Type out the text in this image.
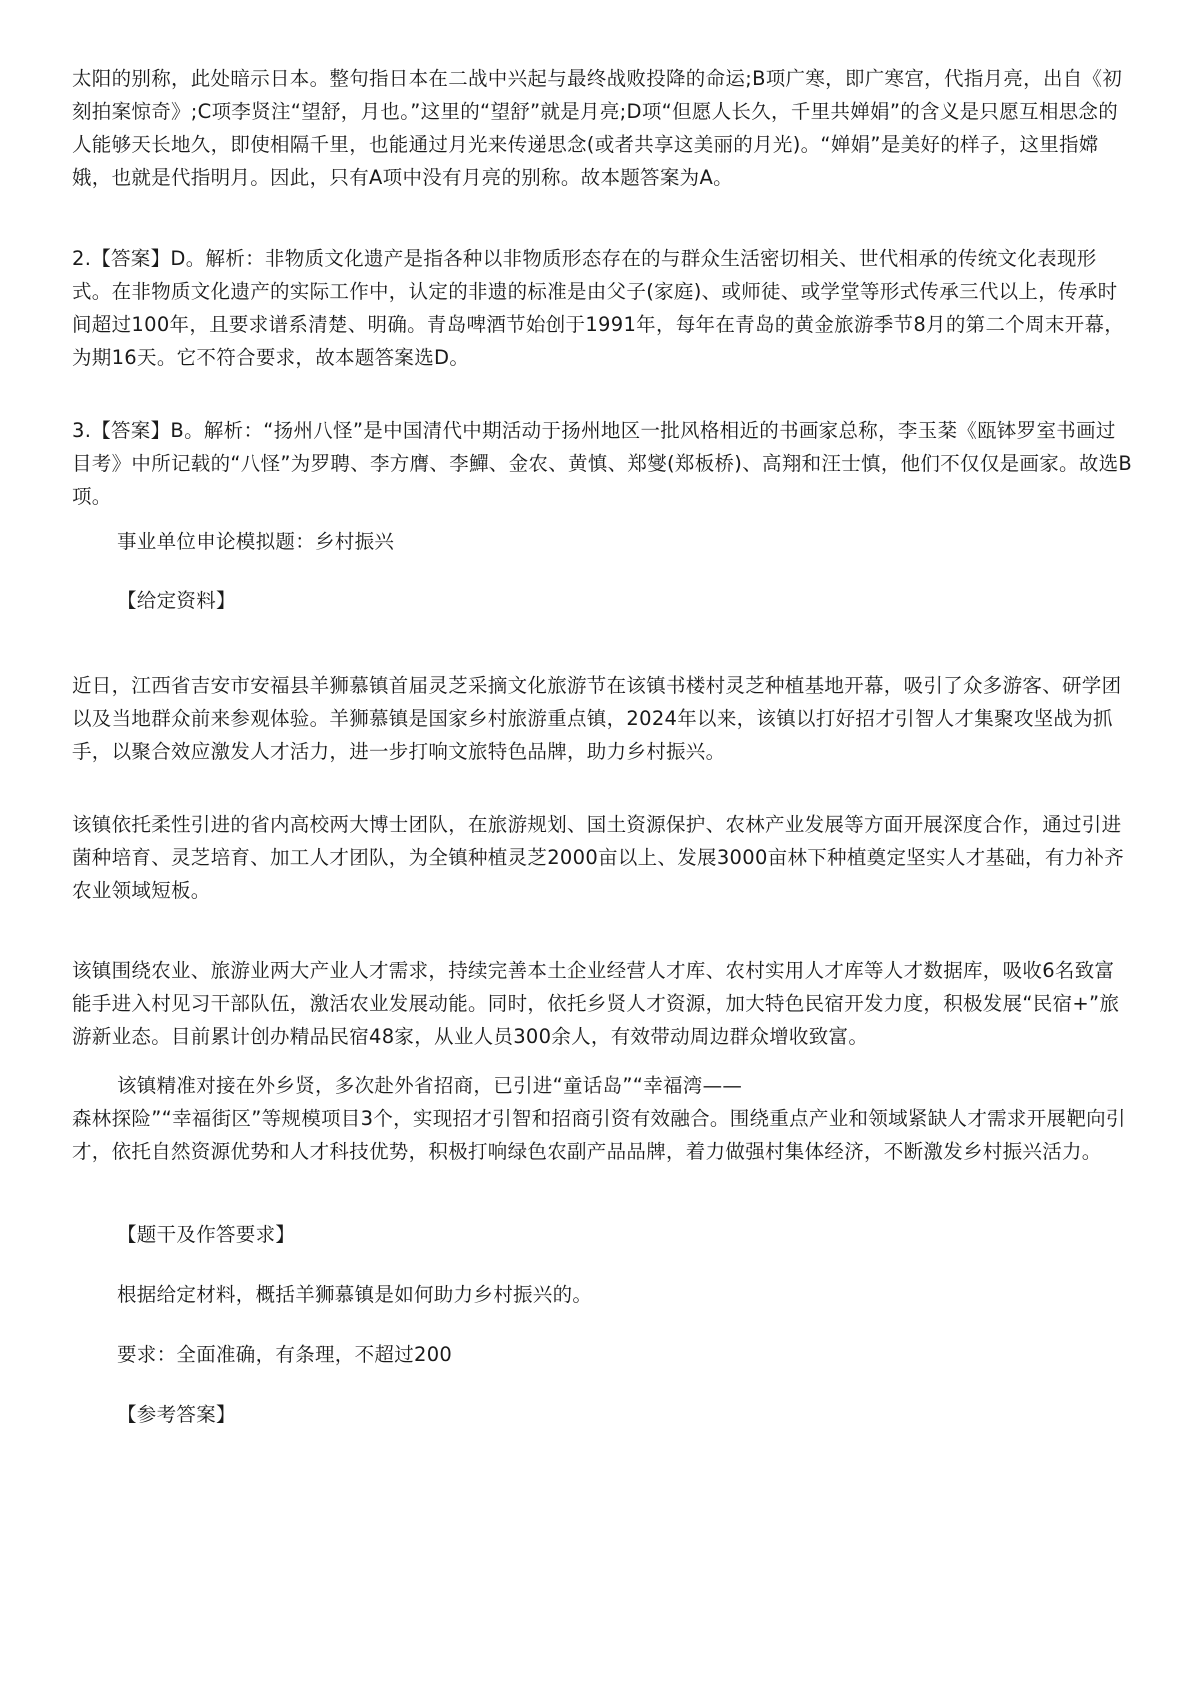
太阳的别称，此处暗示日本。整句指日本在二战中兴起与最终战败投降的命运;B项广寒，即广寒宫，代指月亮，出自《初刻拍案惊奇》;C项李贤注“望舒，月也。”这里的“望舒”就是月亮;D项“但愿人长久，千里共婵娟”的含义是只愿互相思念的人能够天长地久，即使相隔千里，也能通过月光来传递思念(或者共享这美丽的月光)。“婵娟”是美好的样子，这里指嫦娥，也就是代指明月。因此，只有A项中没有月亮的别称。故本题答案为A。

2.【答案】D。解析：非物质文化遗产是指各种以非物质形态存在的与群众生活密切相关、世代相承的传统文化表现形式。在非物质文化遗产的实际工作中，认定的非遗的标准是由父子(家庭)、或师徒、或学堂等形式传承三代以上，传承时间超过100年，且要求谱系清楚、明确。青岛啤酒节始创于1991年，每年在青岛的黄金旅游季节8月的第二个周末开幕，为期16天。它不符合要求，故本题答案选D。

3.【答案】B。解析：“扬州八怪”是中国清代中期活动于扬州地区一批风格相近的书画家总称，李玉棻《瓯钵罗室书画过目考》中所记载的“八怪”为罗聘、李方膺、李鱓、金农、黄慎、郑燮(郑板桥)、高翔和汪士慎，他们不仅仅是画家。故选B项。

事业单位申论模拟题：乡村振兴

【给定资料】

近日，江西省吉安市安福县羊狮慕镇首届灵芝采摘文化旅游节在该镇书楼村灵芝种植基地开幕，吸引了众多游客、研学团以及当地群众前来参观体验。羊狮慕镇是国家乡村旅游重点镇，2024年以来，该镇以打好招才引智人才集聚攻坚战为抓手，以聚合效应激发人才活力，进一步打响文旅特色品牌，助力乡村振兴。

该镇依托柔性引进的省内高校两大博士团队，在旅游规划、国土资源保护、农林产业发展等方面开展深度合作，通过引进菌种培育、灵芝培育、加工人才团队，为全镇种植灵芝2000亩以上、发展3000亩林下种植奠定坚实人才基础，有力补齐农业领域短板。

该镇围绕农业、旅游业两大产业人才需求，持续完善本土企业经营人才库、农村实用人才库等人才数据库，吸收6名致富能手进入村见习干部队伍，激活农业发展动能。同时，依托乡贤人才资源，加大特色民宿开发力度，积极发展“民宿+”旅游新业态。目前累计创办精品民宿48家，从业人员300余人，有效带动周边群众增收致富。

该镇精准对接在外乡贤，多次赴外省招商，已引进“童话岛”“幸福湾——

森林探险”“幸福街区”等规模项目3个，实现招才引智和招商引资有效融合。围绕重点产业和领域紧缺人才需求开展靶向引才，依托自然资源优势和人才科技优势，积极打响绿色农副产品品牌，着力做强村集体经济，不断激发乡村振兴活力。

【题干及作答要求】

根据给定材料，概括羊狮慕镇是如何助力乡村振兴的。

要求：全面准确，有条理，不超过200

【参考答案】
